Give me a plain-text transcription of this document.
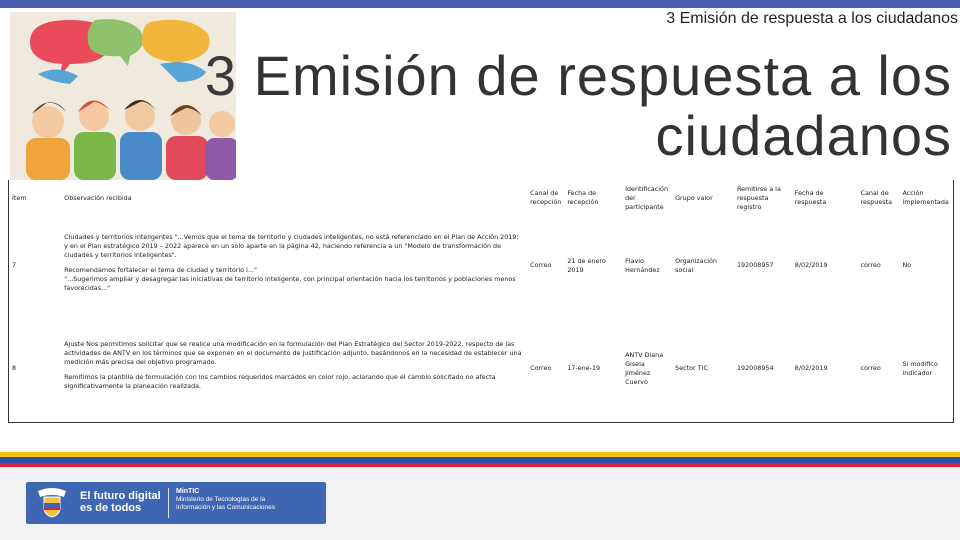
3 Emisión de respuesta a los ciudadanos
3 Emisión de respuesta a los
ciudadanos
Ítem	Observación recibida	Canal de recepción	Fecha de recepción	Identificación del participante	Grupo valor	Remitirse a la respuesta registro	Fecha de respuesta	Canal de respuesta	Acción implementada
7	Ciudades y territorios inteligentes "...Vemos que el tema de territorio y ciudades inteligentes, no está referenciado en el Plan de Acción 2019; y en el Plan estratégico 2019 – 2022 aparece en un solo aparte en la página 42, haciendo referencia a un "Modelo de transformación de ciudades y territorios inteligentes".

Recomendamos fortalecer el tema de ciudad y territorio i..."

"...Sugerimos ampliar y desagregar las iniciativas de territorio inteligente, con principal orientación hacia los territorios y poblaciones menos favorecidas..."	Correo	21 de enero 2019	Flavio Hernández	Organización social	192008957	8/02/2019	correo	No
8	Ajuste Nos permitimos solicitar que se realice una modificación en la formulación del Plan Estratégico del Sector 2019-2022, respecto de las actividades de ANTV en los términos que se exponen en el documento de justificación adjunto, basándonos en la necesidad de establecer una medición más precisa del objetivo programado.

Remitimos la plantilla de formulación con los cambios requeridos marcados en color rojo, aclarando que el cambio solicitado no afecta significativamente la planeación realizada.	Correo	17-ene-19	ANTV Diana Gisela Jiménez Cuervo	Sector TIC	192008954	8/02/2019	correo	Si modifico indicador
El futuro digital
es de todos
MinTIC
Ministerio de Tecnologías de la
Información y las Comunicaciones
